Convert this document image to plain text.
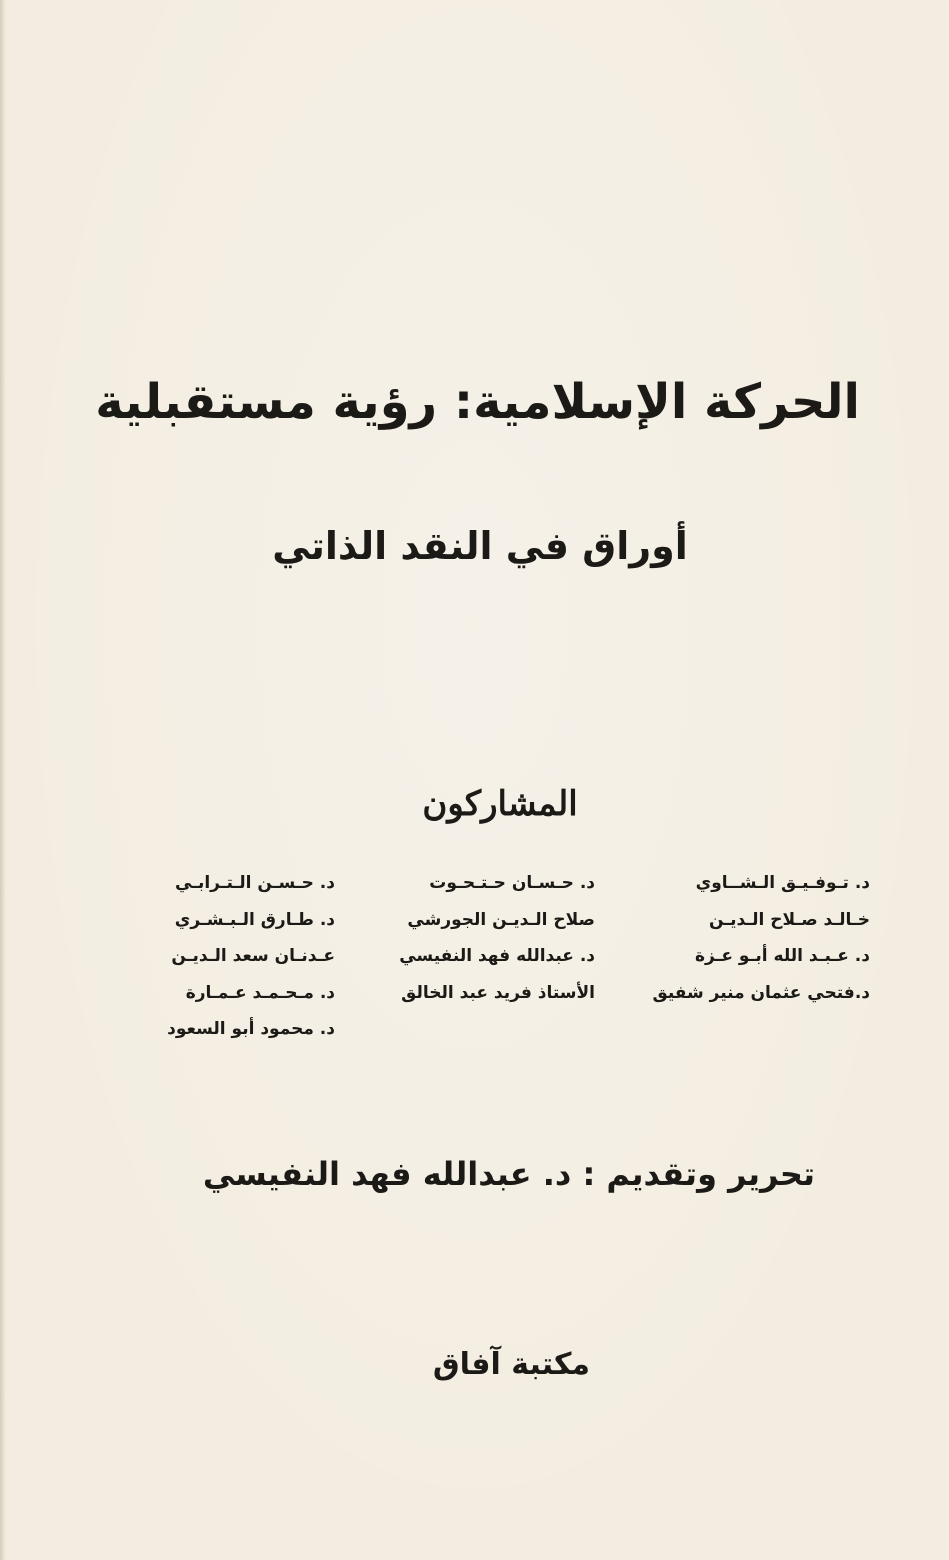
الحركة الإسلامية: رؤية مستقبلية
أوراق في النقد الذاتي
المشاركون
د. تـوفـيـق الـشــاوي
خـالـد صـلاح الـديـن
د. عـبـد الله أبـو عـزة
د.فتحي عثمان منير شفيق
د. حـسـان حـتـحـوت
صلاح الـديـن الجورشي
د. عبدالله فهد النفيسي
الأستاذ فريد عبد الخالق
د. حـسـن الـتـرابـي
د. طـارق الـبـشـري
عـدنـان سعد الـديـن
د. مـحـمـد عـمـارة
د. محمود أبو السعود
تحرير وتقديم : د. عبدالله فهد النفيسي
مكتبة آفاق
